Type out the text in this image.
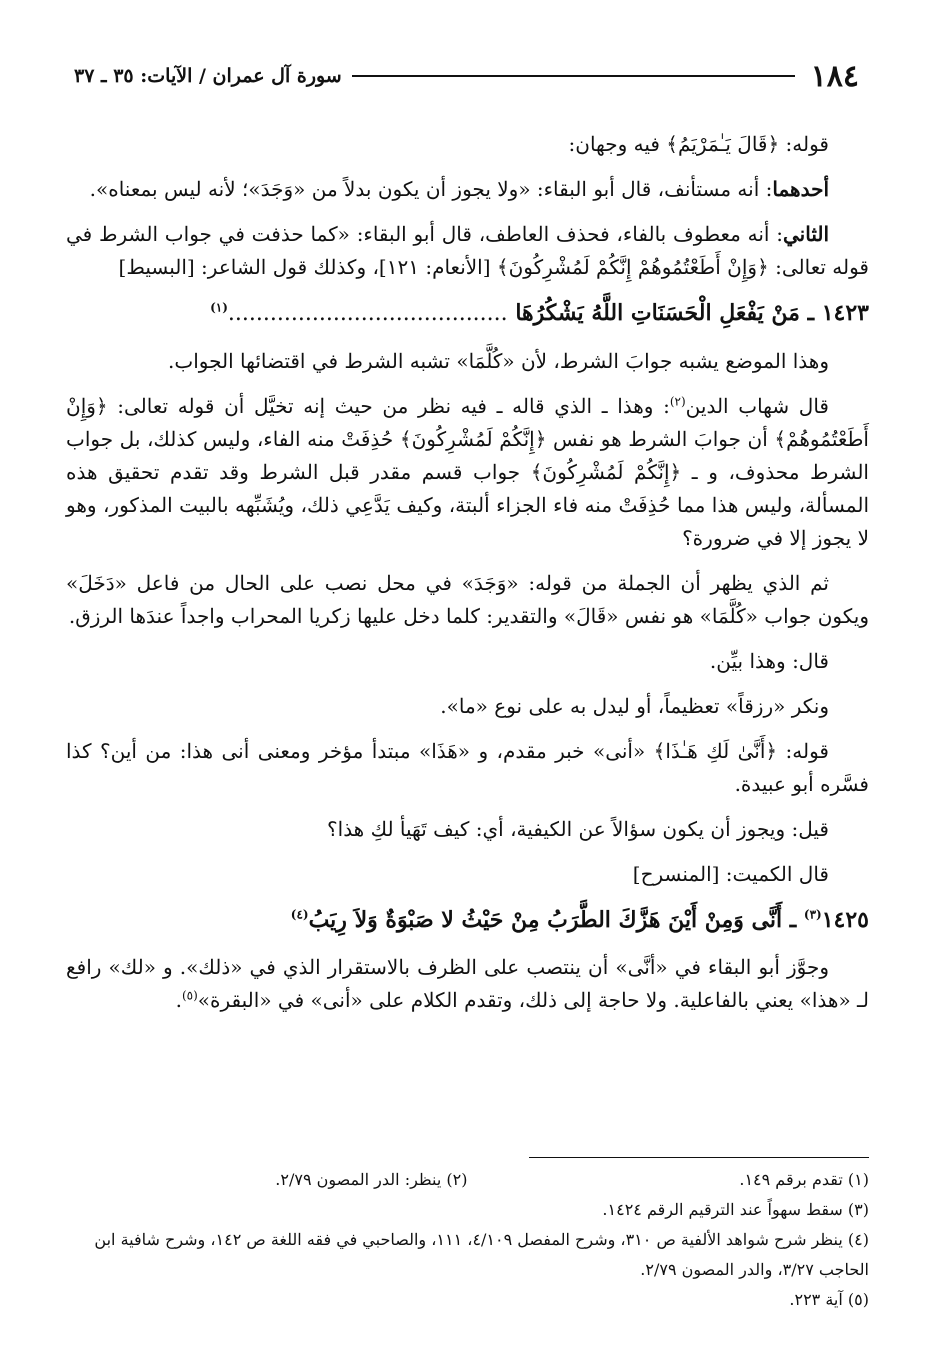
١٨٤
سورة آل عمران / الآيات: ٣٥ ـ ٣٧

قوله: ﴿قَالَ يَـٰمَرْيَمُ﴾ فيه وجهان:

أحدهما: أنه مستأنف، قال أبو البقاء: «ولا يجوز أن يكون بدلاً من «وَجَدَ»؛ لأنه ليس بمعناه».

الثاني: أنه معطوف بالفاء، فحذف العاطف، قال أبو البقاء: «كما حذفت في جواب الشرط في قوله تعالى: ﴿وَإِنْ أَطَعْتُمُوهُمْ إِنَّكُمْ لَمُشْرِكُونَ﴾ [الأنعام: ١٢١]، وكذلك قول الشاعر: [البسيط]

١٤٢٣ ـ مَنْ يَفْعَلِ الْحَسَنَاتِ اللَّهُ يَشْكُرُهَا ........................................$^{(١)}$

وهذا الموضع يشبه جوابَ الشرط، لأن «كُلَّمَا» تشبه الشرط في اقتضائها الجواب.

قال شهاب الدين$^{(٢)}$: وهذا ـ الذي قاله ـ فيه نظر من حيث إنه تخيَّل أن قوله تعالى: ﴿وَإِنْ أَطَعْتُمُوهُمْ﴾ أن جوابَ الشرط هو نفس ﴿إِنَّكُمْ لَمُشْرِكُونَ﴾ حُذِفَتْ منه الفاء، وليس كذلك، بل جواب الشرط محذوف، و ـ ﴿إِنَّكُمْ لَمُشْرِكُونَ﴾ جواب قسم مقدر قبل الشرط وقد تقدم تحقيق هذه المسألة، وليس هذا مما حُذِفَتْ منه فاء الجزاء ألبتة، وكيف يَدَّعِي ذلك، ويُشَبِّهه بالبيت المذكور، وهو لا يجوز إلا في ضرورة؟

ثم الذي يظهر أن الجملة من قوله: «وَجَدَ» في محل نصب على الحال من فاعل «دَخَلَ» ويكون جواب «كُلَّمَا» هو نفس «قَالَ» والتقدير: كلما دخل عليها زكريا المحراب واجداً عندَها الرزق.

قال: وهذا بيِّن.

ونكر «رزقاً» تعظيماً، أو ليدل به على نوع «ما».

قوله: ﴿أَنَّىٰ لَكِ هَـٰذَا﴾ «أنى» خبر مقدم، و «هَذَا» مبتدأ مؤخر ومعنى أنى هذا: من أين؟ كذا فسَّره أبو عبيدة.

قيل: ويجوز أن يكون سؤالاً عن الكيفية، أي: كيف تَهَيأ لكِ هذا؟

قال الكميت: [المنسرح]

١٤٢٥$^{(٣)}$ ـ أَنَّى وَمِنْ أَيْنَ هَزَّكَ الطَّرَبُ مِنْ حَيْثُ لا صَبْوَةٌ وَلاَ رِيَبُ$^{(٤)}$

وجوَّز أبو البقاء في «أنَّى» أن ينتصب على الظرف بالاستقرار الذي في «ذلك». و «لك» رافع لـ «هذا» يعني بالفاعلية. ولا حاجة إلى ذلك، وتقدم الكلام على «أنى» في «البقرة»$^{(٥)}$.

(١) تقدم برقم ١٤٩.
(٢) ينظر: الدر المصون ٢/٧٩.

(٣) سقط سهواً عند الترقيم الرقم ١٤٢٤.

(٤) ينظر شرح شواهد الألفية ص ٣١٠، وشرح المفصل ٤/١٠٩، ١١١، والصاحبي في فقه اللغة ص ١٤٢، وشرح شافية ابن الحاجب ٣/٢٧، والدر المصون ٢/٧٩.

(٥) آية ٢٢٣.
